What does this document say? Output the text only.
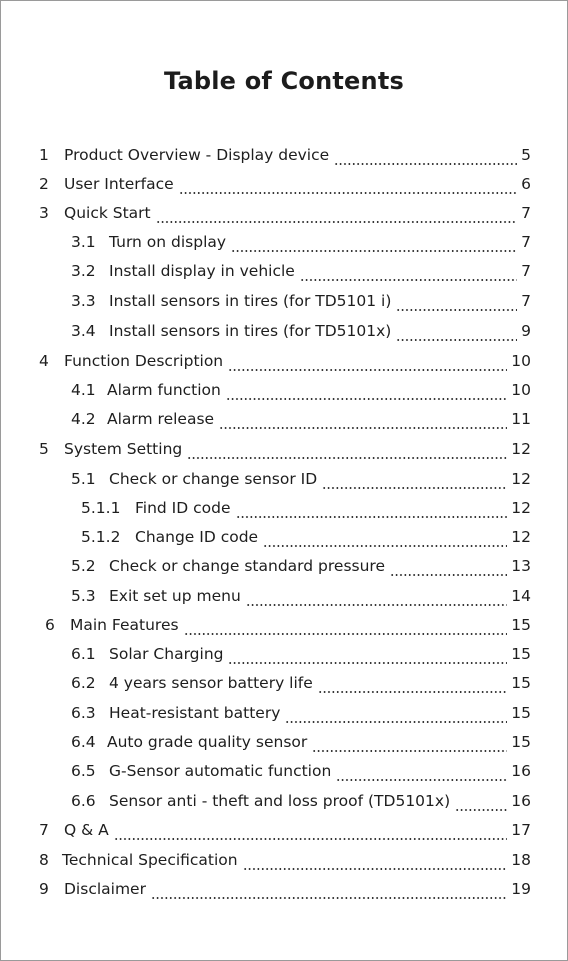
Table of Contents
1 Product Overview - Display device	5
2 User Interface	6
3 Quick Start	7
3.1 Turn on display	7
3.2 Install display in vehicle	7
3.3 Install sensors in tires (for TD5101 i)	7
3.4 Install sensors in tires (for TD5101x)	9
4 Function Description	10
4.1 Alarm function	10
4.2 Alarm release	11
5 System Setting	12
5.1 Check or change sensor ID	12
5.1.1 Find ID code	12
5.1.2 Change ID code	12
5.2 Check or change standard pressure	13
5.3 Exit set up menu	14
6 Main Features	15
6.1 Solar Charging	15
6.2 4 years sensor battery life	15
6.3 Heat-resistant battery	15
6.4 Auto grade quality sensor	15
6.5 G-Sensor automatic function	16
6.6 Sensor anti - theft and loss proof (TD5101x)	16
7 Q & A	17
8 Technical Specification	18
9 Disclaimer	19
